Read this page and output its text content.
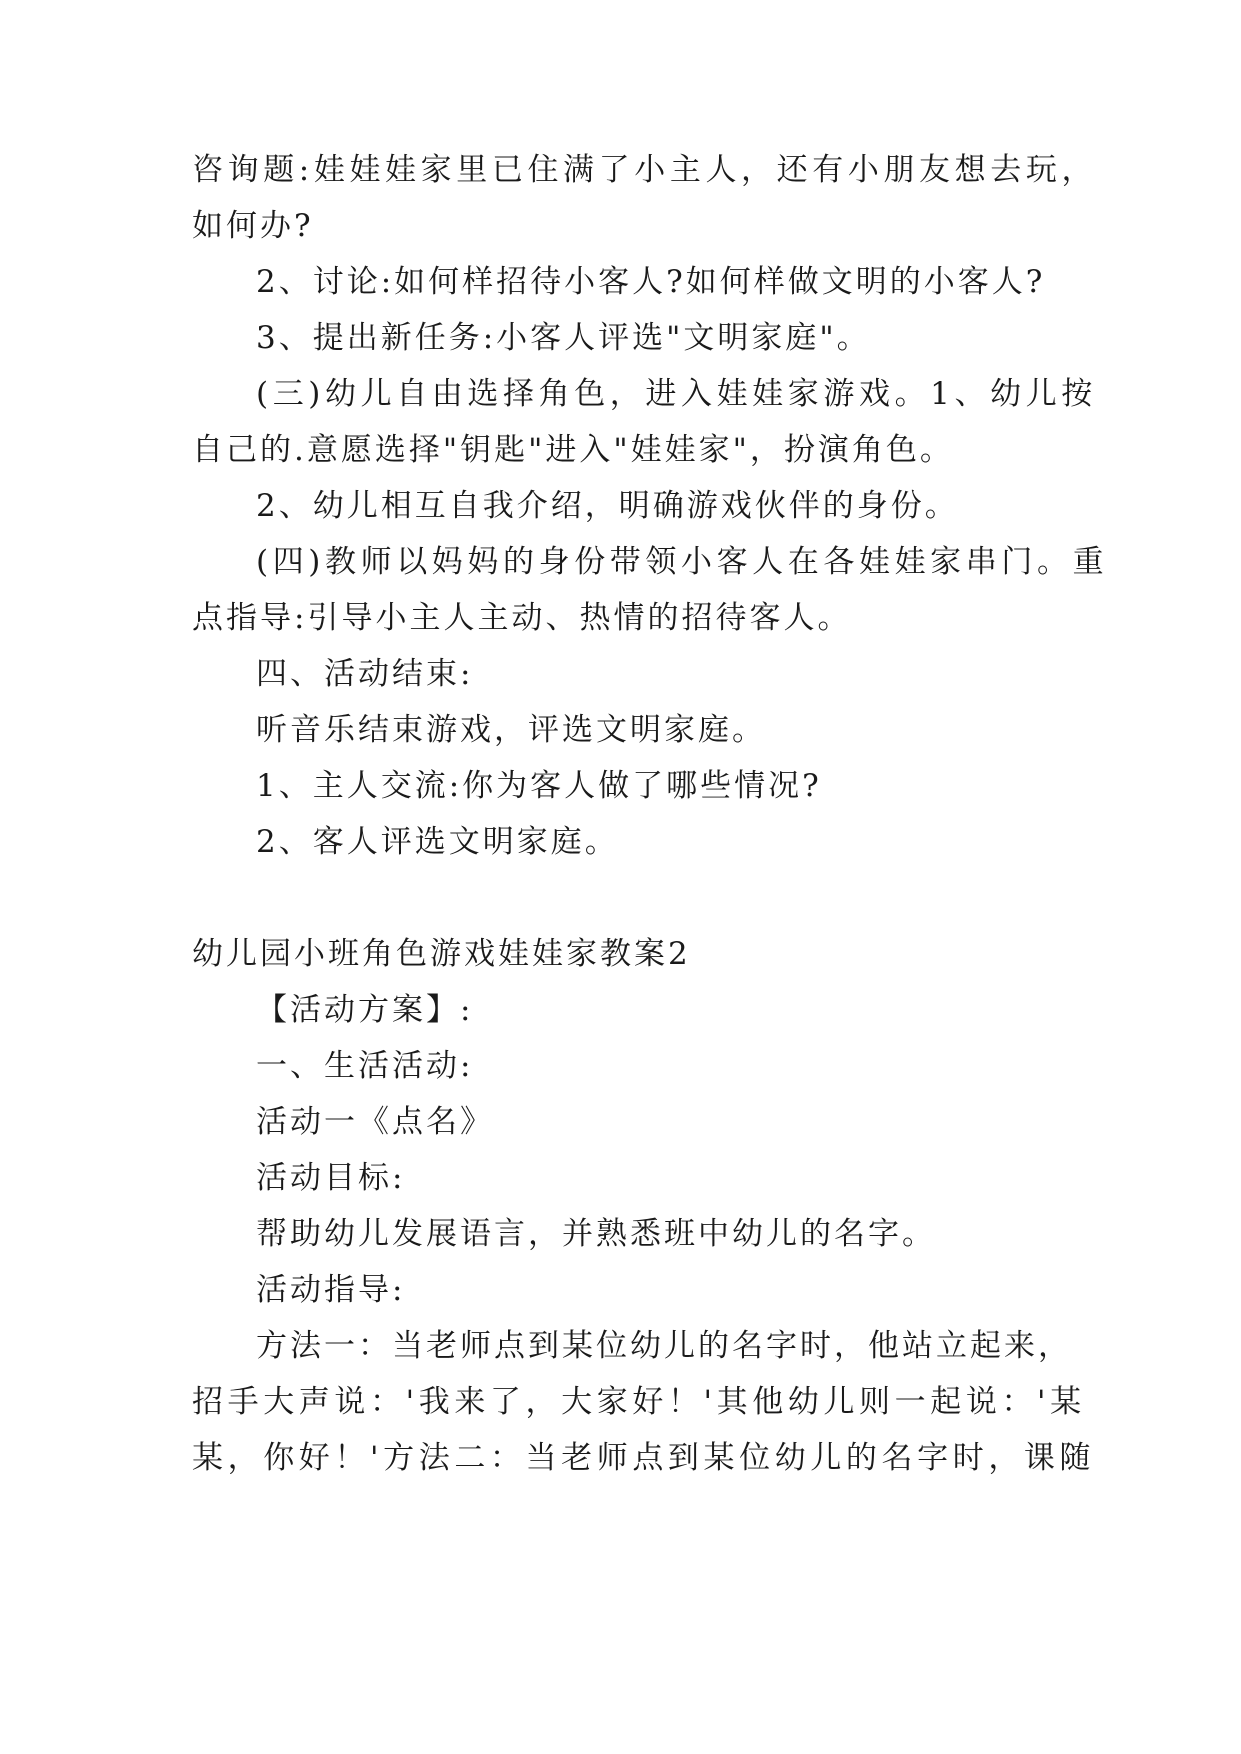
咨询题:娃娃娃家里已住满了小主人，还有小朋友想去玩，
如何办?
2、讨论:如何样招待小客人?如何样做文明的小客人?
3、提出新任务:小客人评选"文明家庭"。
(三)幼儿自由选择角色，进入娃娃家游戏。1、幼儿按
自己的.意愿选择"钥匙"进入"娃娃家"，扮演角色。
2、幼儿相互自我介绍，明确游戏伙伴的身份。
(四)教师以妈妈的身份带领小客人在各娃娃家串门。重
点指导:引导小主人主动、热情的招待客人。
四、活动结束:
听音乐结束游戏，评选文明家庭。
1、主人交流:你为客人做了哪些情况?
2、客人评选文明家庭。
幼儿园小班角色游戏娃娃家教案2
【活动方案】:
一、生活活动:
活动一《点名》
活动目标:
帮助幼儿发展语言，并熟悉班中幼儿的名字。
活动指导:
方法一：当老师点到某位幼儿的名字时，他站立起来，
招手大声说：'我来了，大家好！'其他幼儿则一起说：'某
某，你好！'方法二：当老师点到某位幼儿的名字时，课随
